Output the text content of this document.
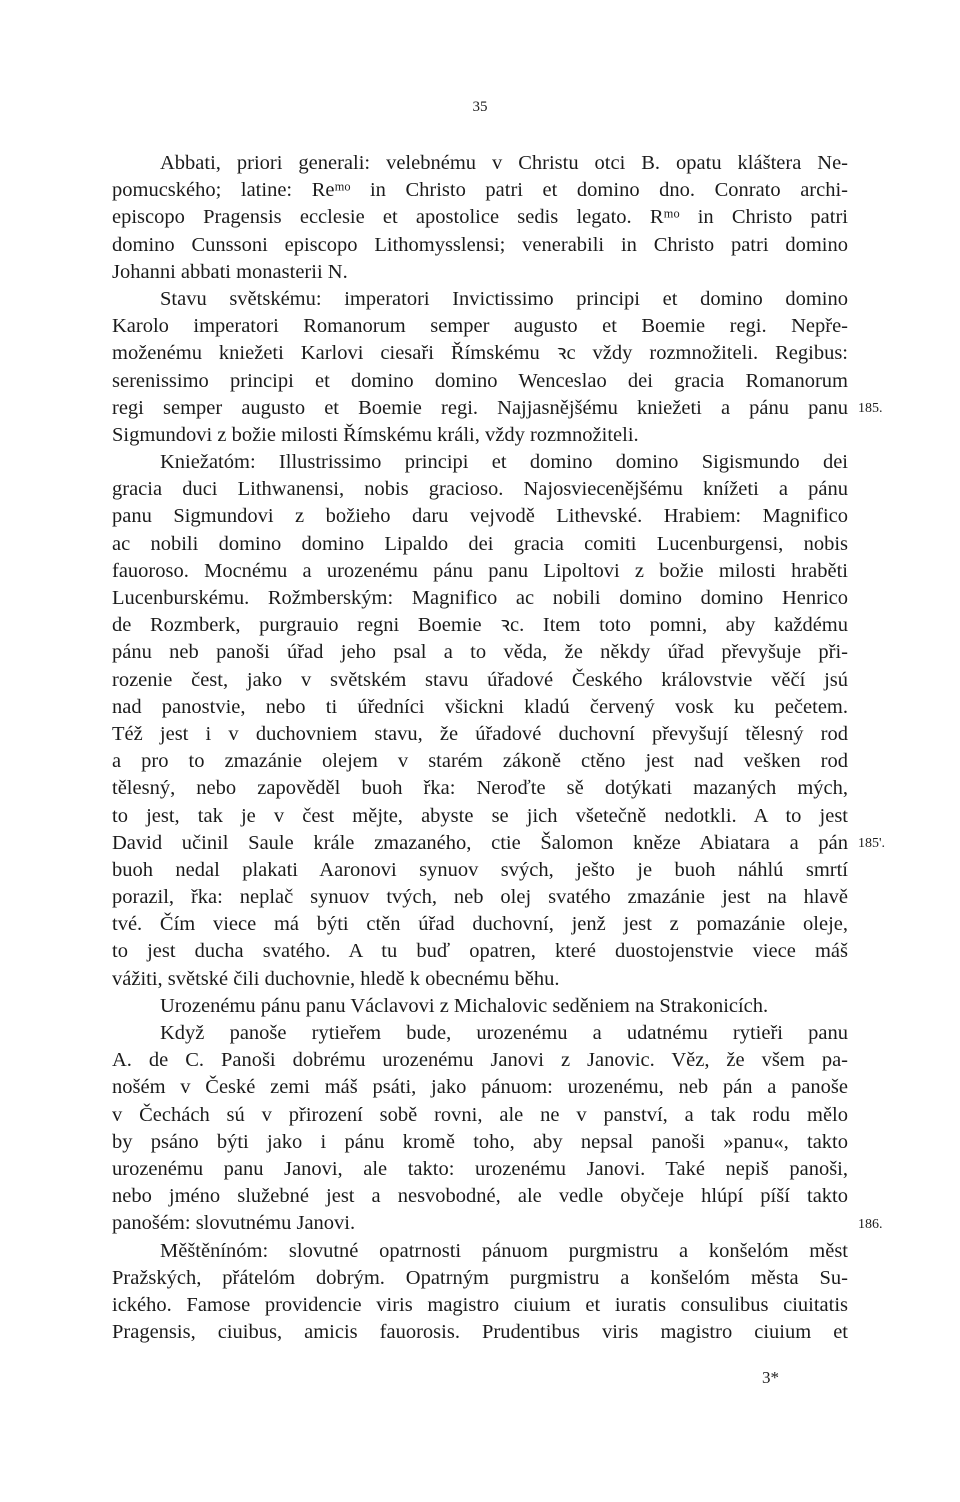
35
Abbati, priori generali: velebnému v Christu otci B. opatu kláštera Ne-
pomucského; latine: Reᵐᵒ in Christo patri et domino dno. Conrato archi-
episcopo Pragensis ecclesie et apostolice sedis legato. Rᵐᵒ in Christo patri
domino Cunssoni episcopo Lithomysslensi; venerabili in Christo patri domino
Johanni abbati monasterii N.
Stavu světskému: imperatori Invictissimo principi et domino domino
Karolo imperatori Romanorum semper augusto et Boemie regi. Nepře-
moženému kniežeti Karlovi ciesaři Římskému ꝛc vždy rozmnožiteli. Regibus:
serenissimo principi et domino domino Wenceslao dei gracia Romanorum
regi semper augusto et Boemie regi. Najjasnějšému kniežeti a pánu panu
Sigmundovi z božie milosti Římskému králi, vždy rozmnožiteli.
Kniežatóm: Illustrissimo principi et domino domino Sigismundo dei
gracia duci Lithwanensi, nobis gracioso. Najosviecenějšému knížeti a pánu
panu Sigmundovi z božieho daru vejvodě Lithevské. Hrabiem: Magnifico
ac nobili domino domino Lipaldo dei gracia comiti Lucenburgensi, nobis
fauoroso. Mocnému a urozenému pánu panu Lipoltovi z božie milosti hraběti
Lucenburskému. Rožmberským: Magnifico ac nobili domino domino Henrico
de Rozmberk, purgrauio regni Boemie ꝛc. Item toto pomni, aby každému
pánu neb panoši úřad jeho psal a to věda, že někdy úřad převyšuje při-
rozenie čest, jako v světském stavu úřadové Českého královstvie věčí jsú
nad panostvie, nebo ti úředníci všickni kladú červený vosk ku pečetem.
Též jest i v duchovniem stavu, že úřadové duchovní převyšují tělesný rod
a pro to zmazánie olejem v starém zákoně ctěno jest nad vešken rod
tělesný, nebo zapověděl buoh řka: Neroďte sě dotýkati mazaných mých,
to jest, tak je v čest mějte, abyste se jich všetečně nedotkli. A to jest
David učinil Saule krále zmazaného, ctie Šalomon kněze Abiatara a pán
buoh nedal plakati Aaronovi synuov svých, ješto je buoh náhlú smrtí
porazil, řka: neplač synuov tvých, neb olej svatého zmazánie jest na hlavě
tvé. Čím viece má býti ctěn úřad duchovní, jenž jest z pomazánie oleje,
to jest ducha svatého. A tu buď opatren, které duostojenstvie viece máš
vážiti, světské čili duchovnie, hledě k obecnému běhu.
Urozenému pánu panu Václavovi z Michalovic seděniem na Strakonicích.
Když panoše rytieřem bude, urozenému a udatnému rytieři panu
A. de C. Panoši dobrému urozenému Janovi z Janovic. Věz, že všem pa-
nošém v České zemi máš psáti, jako pánuom: urozenému, neb pán a panoše
v Čechách sú v přirození sobě rovni, ale ne v panství, a tak rodu mělo
by psáno býti jako i pánu kromě toho, aby nepsal panoši »panu«, takto
urozenému panu Janovi, ale takto: urozenému Janovi. Také nepiš panoši,
nebo jméno služebné jest a nesvobodné, ale vedle obyčeje hlúpí píší takto
panošém: slovutnému Janovi.
Měštěnínóm: slovutné opatrnosti pánuom purgmistru a konšelóm měst
Pražských, přátelóm dobrým. Opatrným purgmistru a konšelóm města Su-
ického. Famose providencie viris magistro ciuium et iuratis consulibus ciuitatis
Pragensis, ciuibus, amicis fauorosis. Prudentibus viris magistro ciuium et
185.
185'.
186.
3*
